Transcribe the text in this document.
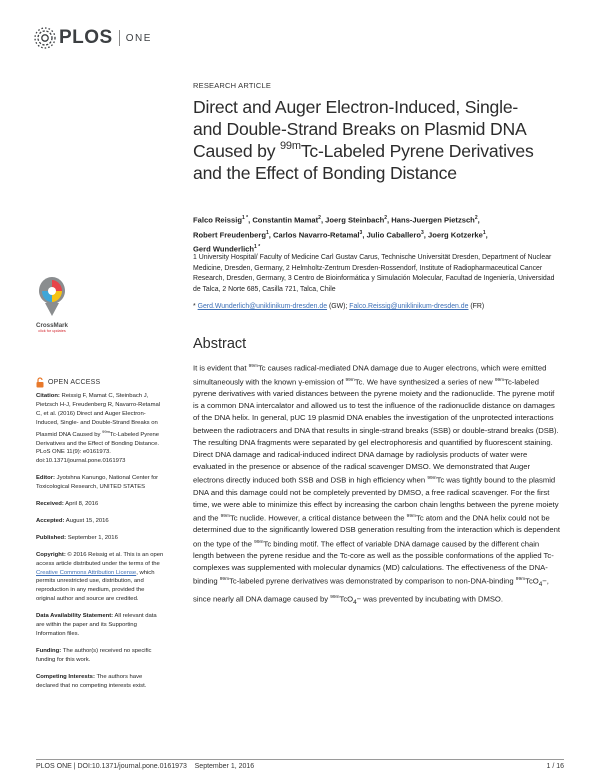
PLOS ONE
RESEARCH ARTICLE
Direct and Auger Electron-Induced, Single-
and Double-Strand Breaks on Plasmid DNA
Caused by $^{99m}$Tc-Labeled Pyrene Derivatives
and the Effect of Bonding Distance
Falco Reissig$^{1 *}$, Constantin Mamat$^2$, Joerg Steinbach$^2$, Hans-Juergen Pietzsch$^2$,
Robert Freudenberg$^1$, Carlos Navarro-Retamal$^3$, Julio Caballero$^3$, Joerg Kotzerke$^1$,
Gerd Wunderlich$^{1 *}$
1 University Hospital/ Faculty of Medicine Carl Gustav Carus, Technische Universität Dresden, Department of Nuclear Medicine, Dresden, Germany, 2 Helmholtz-Zentrum Dresden-Rossendorf, Institute of Radiopharmaceutical Cancer Research, Dresden, Germany, 3 Centro de Bioinformática y Simulación Molecular, Facultad de Ingeniería, Universidad de Talca, 2 Norte 685, Casilla 721, Talca, Chile
* Gerd.Wunderlich@uniklinikum-dresden.de (GW); Falco.Reissig@uniklinikum-dresden.de (FR)
CrossMark
click for updates
Abstract
It is evident that $^{99m}$Tc causes radical-mediated DNA damage due to Auger electrons, which were emitted simultaneously with the known γ-emission of $^{99m}$Tc. We have synthesized a series of new $^{99m}$Tc-labeled pyrene derivatives with varied distances between the pyrene moiety and the radionuclide. The pyrene motif is a common DNA intercalator and allowed us to test the influence of the radionuclide distance on damages of the DNA helix. In general, pUC 19 plasmid DNA enables the investigation of the unprotected interactions between the radiotracers and DNA that results in single-strand breaks (SSB) or double-strand breaks (DSB). The resulting DNA fragments were separated by gel electrophoresis and quantified by fluorescent staining. Direct DNA damage and radical-induced indirect DNA damage by radiolysis products of water were evaluated in the presence or absence of the radical scavenger DMSO. We demonstrated that Auger electrons directly induced both SSB and DSB in high efficiency when $^{99m}$Tc was tightly bound to the plasmid DNA and this damage could not be completely prevented by DMSO, a free radical scavenger. For the first time, we were able to minimize this effect by increasing the carbon chain lengths between the pyrene moiety and the $^{99m}$Tc nuclide. However, a critical distance between the $^{99m}$Tc atom and the DNA helix could not be determined due to the significantly lowered DSB generation resulting from the interaction which is dependent on the type of the $^{99m}$Tc binding motif. The effect of variable DNA damage caused by the different chain length between the pyrene residue and the Tc-core as well as the possible conformations of the applied Tc-complexes was supplemented with molecular dynamics (MD) calculations. The effectiveness of the DNA-binding $^{99m}$Tc-labeled pyrene derivatives was demonstrated by comparison to non-DNA-binding $^{99m}$TcO$_4$−, since nearly all DNA damage caused by $^{99m}$TcO$_4$− was prevented by incubating with DMSO.
OPEN ACCESS

Citation: Reissig F, Mamat C, Steinbach J, Pietzsch H-J, Freudenberg R, Navarro-Retamal C, et al. (2016) Direct and Auger Electron-Induced, Single- and Double-Strand Breaks on Plasmid DNA Caused by $^{99m}$Tc-Labeled Pyrene Derivatives and the Effect of Bonding Distance. PLoS ONE 11(9): e0161973. doi:10.1371/journal.pone.0161973

Editor: Jyotshna Kanungo, National Center for Toxicological Research, UNITED STATES

Received: April 8, 2016

Accepted: August 15, 2016

Published: September 1, 2016

Copyright: © 2016 Reissig et al. This is an open access article distributed under the terms of the Creative Commons Attribution License, which permits unrestricted use, distribution, and reproduction in any medium, provided the original author and source are credited.

Data Availability Statement: All relevant data are within the paper and its Supporting Information files.

Funding: The author(s) received no specific funding for this work.

Competing Interests: The authors have declared that no competing interests exist.

PLOS ONE | DOI:10.1371/journal.pone.0161973    September 1, 2016	1 / 16
